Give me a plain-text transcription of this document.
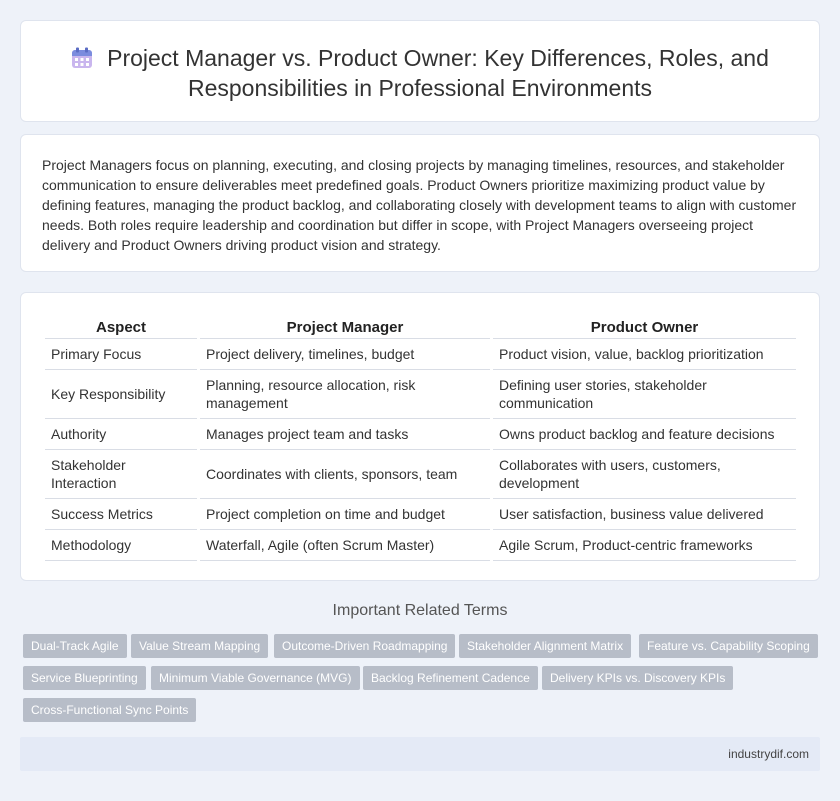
Project Manager vs. Product Owner: Key Differences, Roles, and Responsibilities in Professional Environments

Project Managers focus on planning, executing, and closing projects by managing timelines, resources, and stakeholder communication to ensure deliverables meet predefined goals. Product Owners prioritize maximizing product value by defining features, managing the product backlog, and collaborating closely with development teams to align with customer needs. Both roles require leadership and coordination but differ in scope, with Project Managers overseeing project delivery and Product Owners driving product vision and strategy.

Aspect	Project Manager	Product Owner
Primary Focus	Project delivery, timelines, budget	Product vision, value, backlog prioritization
Key Responsibility	Planning, resource allocation, risk management	Defining user stories, stakeholder communication
Authority	Manages project team and tasks	Owns product backlog and feature decisions
Stakeholder Interaction	Coordinates with clients, sponsors, team	Collaborates with users, customers, development
Success Metrics	Project completion on time and budget	User satisfaction, business value delivered
Methodology	Waterfall, Agile (often Scrum Master)	Agile Scrum, Product-centric frameworks
Important Related Terms
Dual-Track Agile	Value Stream Mapping	Outcome-Driven Roadmapping	Stakeholder Alignment Matrix	Feature vs. Capability Scoping
Service Blueprinting	Minimum Viable Governance (MVG)	Backlog Refinement Cadence	Delivery KPIs vs. Discovery KPIs
Cross-Functional Sync Points
industrydif.com
